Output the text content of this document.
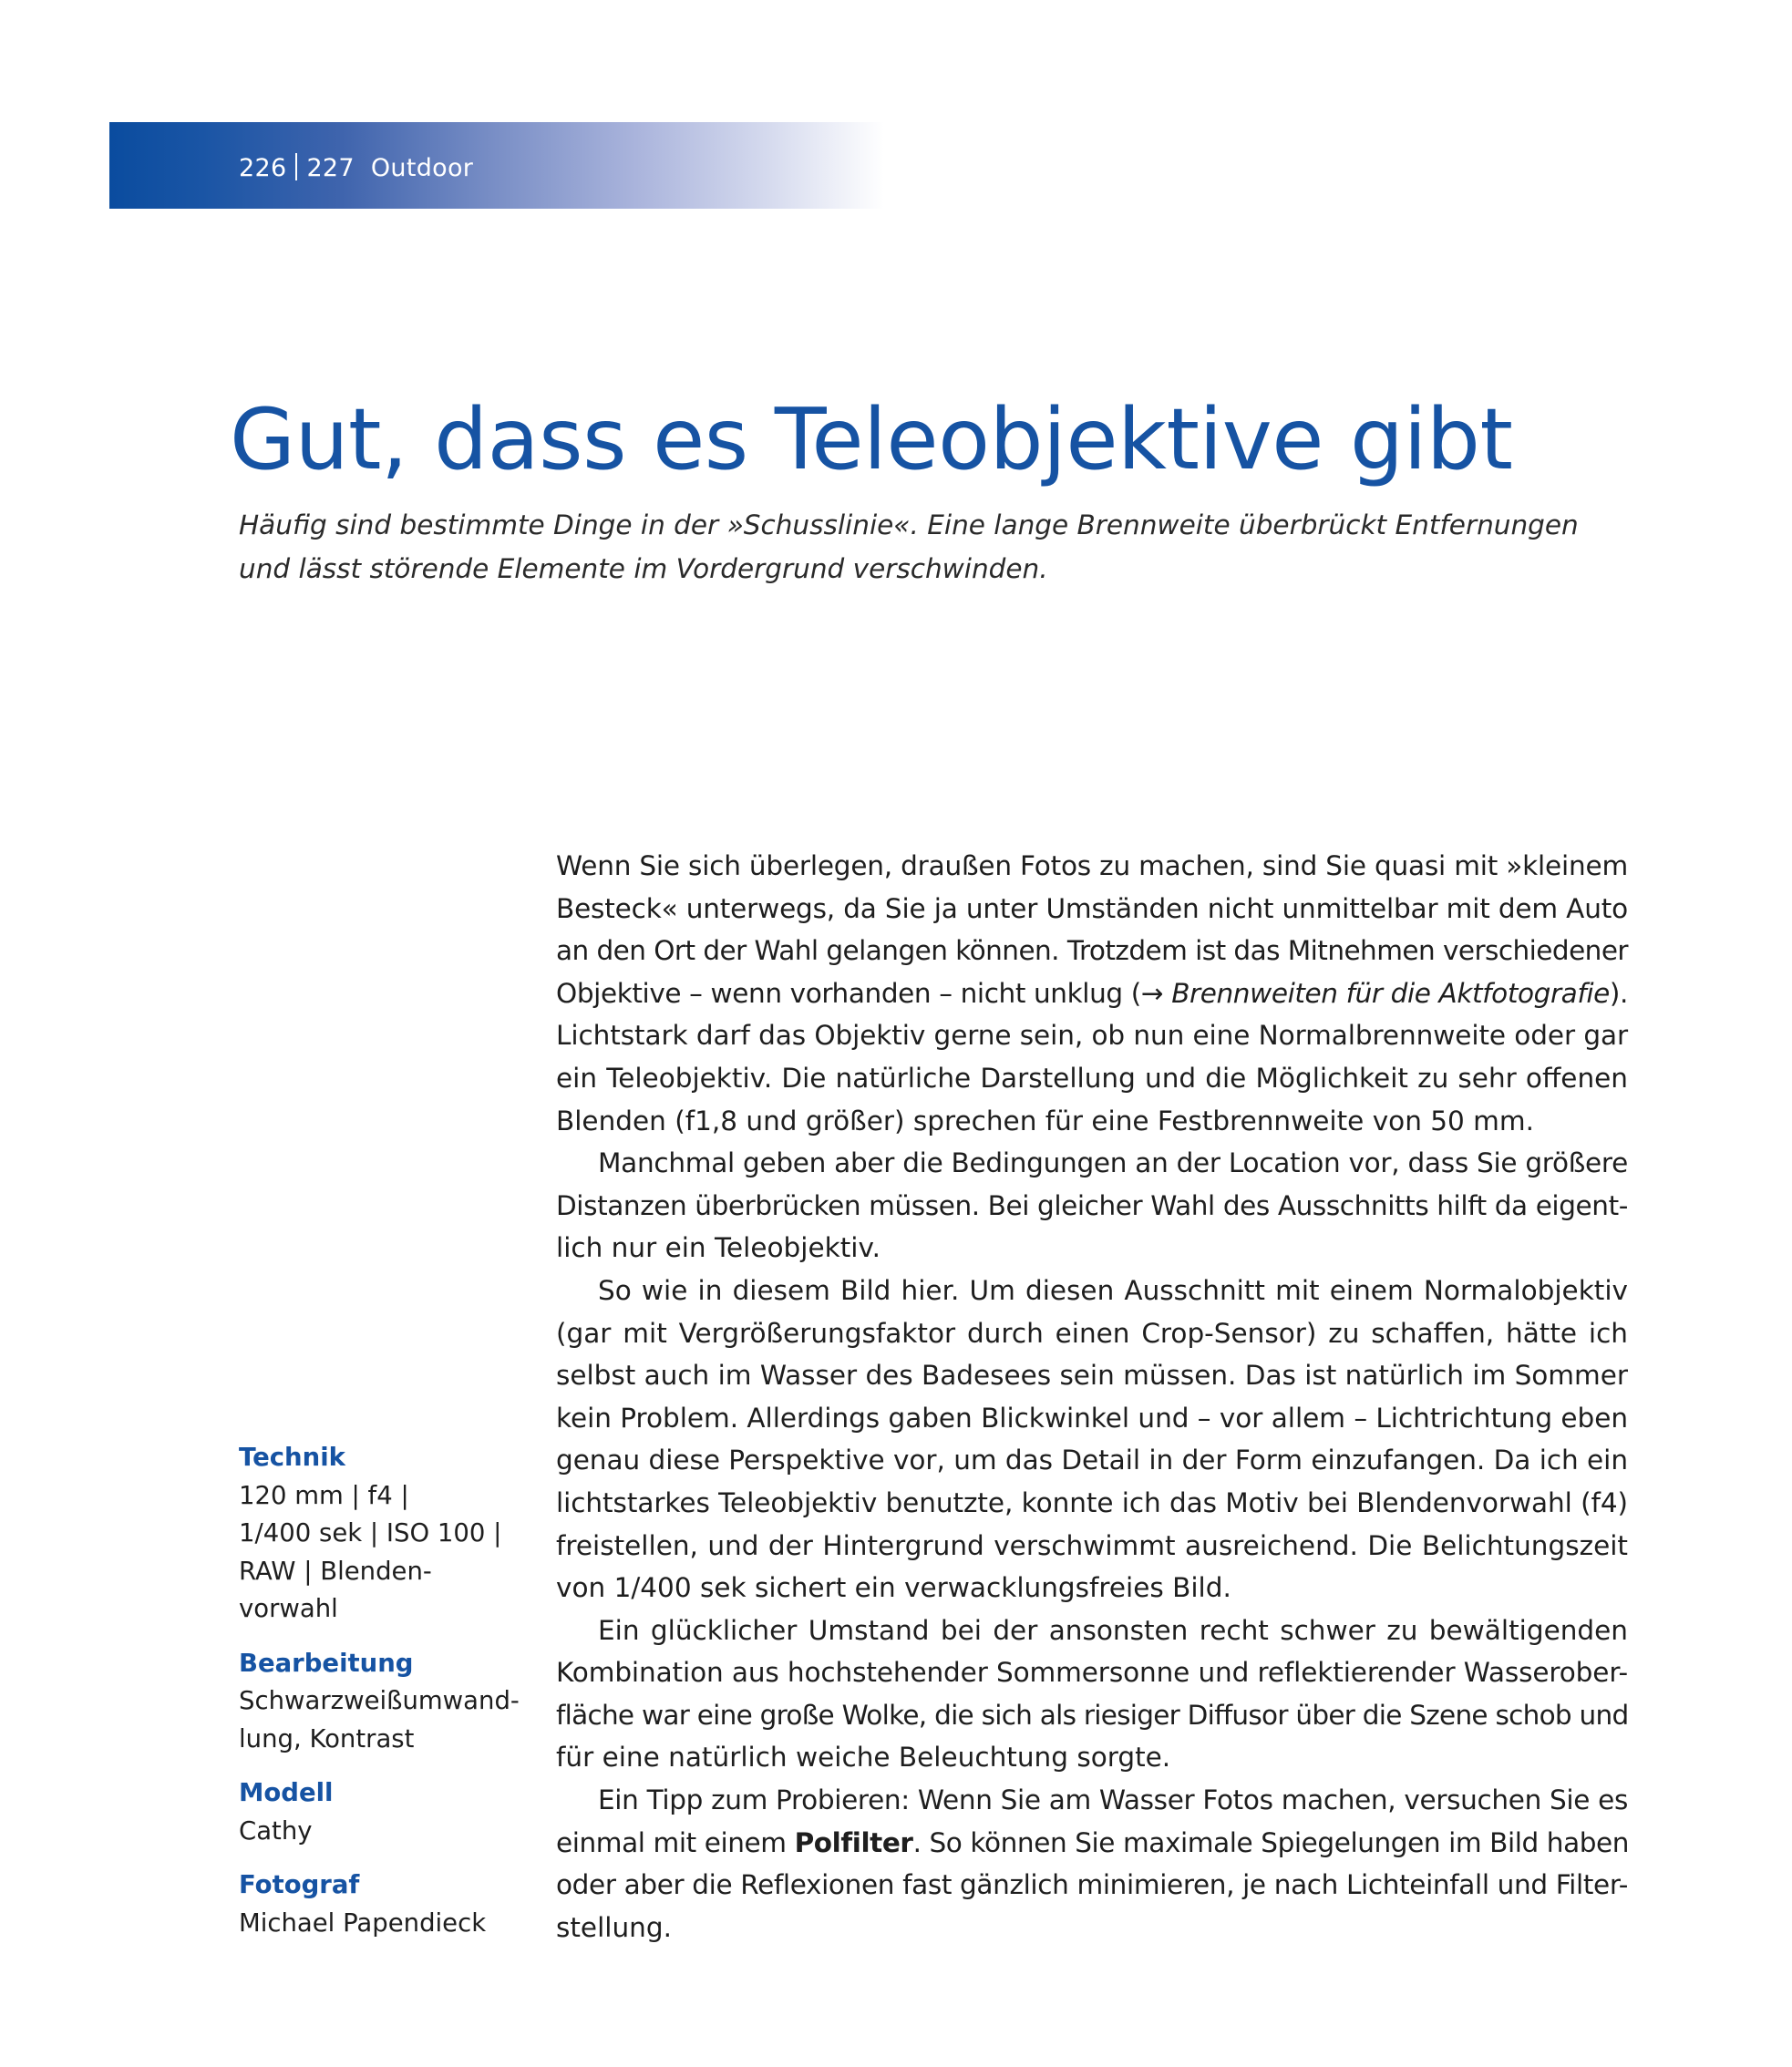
226 227 Outdoor
Gut, dass es Teleobjektive gibt
Häufig sind bestimmte Dinge in der »Schusslinie«. Eine lange Brennweite überbrückt Entfernungen
und lässt störende Elemente im Vordergrund verschwinden.
Technik
120 mm | f4 |
1/400 sek | ISO 100 |
RAW | Blenden-
vorwahl
Bearbeitung
Schwarzweißumwand-
lung, Kontrast
Modell
Cathy
Fotograf
Michael Papendieck
Wenn Sie sich überlegen, draußen Fotos zu machen, sind Sie quasi mit »kleinem
Besteck« unterwegs, da Sie ja unter Umständen nicht unmittelbar mit dem Auto
an den Ort der Wahl gelangen können. Trotzdem ist das Mitnehmen verschiedener
Objektive – wenn vorhanden – nicht unklug (→ Brennweiten für die Aktfotografie).
Lichtstark darf das Objektiv gerne sein, ob nun eine Normalbrennweite oder gar
ein Teleobjektiv. Die natürliche Darstellung und die Möglichkeit zu sehr offenen
Blenden (f1,8 und größer) sprechen für eine Festbrennweite von 50 mm.
Manchmal geben aber die Bedingungen an der Location vor, dass Sie größere
Distanzen überbrücken müssen. Bei gleicher Wahl des Ausschnitts hilft da eigent-
lich nur ein Teleobjektiv.
So wie in diesem Bild hier. Um diesen Ausschnitt mit einem Normalobjektiv
(gar mit Vergrößerungsfaktor durch einen Crop-Sensor) zu schaffen, hätte ich
selbst auch im Wasser des Badesees sein müssen. Das ist natürlich im Sommer
kein Problem. Allerdings gaben Blickwinkel und – vor allem – Lichtrichtung eben
genau diese Perspektive vor, um das Detail in der Form einzufangen. Da ich ein
lichtstarkes Teleobjektiv benutzte, konnte ich das Motiv bei Blendenvorwahl (f4)
freistellen, und der Hintergrund verschwimmt ausreichend. Die Belichtungszeit
von 1/400 sek sichert ein verwacklungsfreies Bild.
Ein glücklicher Umstand bei der ansonsten recht schwer zu bewältigenden
Kombination aus hochstehender Sommersonne und reflektierender Wasserober-
fläche war eine große Wolke, die sich als riesiger Diffusor über die Szene schob und
für eine natürlich weiche Beleuchtung sorgte.
Ein Tipp zum Probieren: Wenn Sie am Wasser Fotos machen, versuchen Sie es
einmal mit einem Polfilter. So können Sie maximale Spiegelungen im Bild haben
oder aber die Reflexionen fast gänzlich minimieren, je nach Lichteinfall und Filter-
stellung.
